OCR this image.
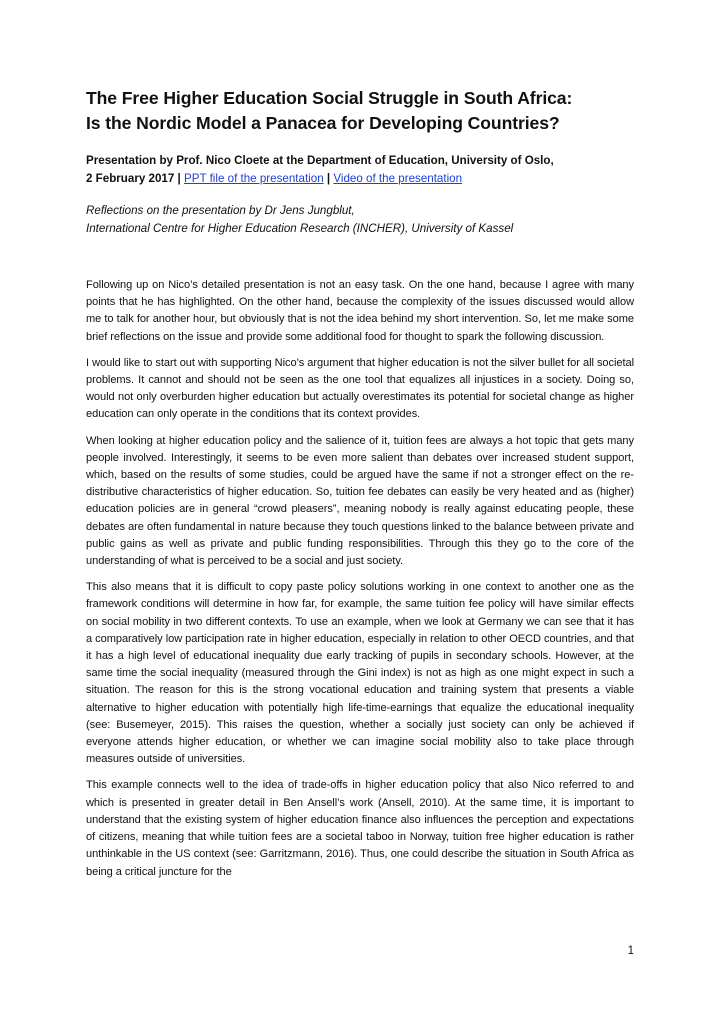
The Free Higher Education Social Struggle in South Africa:
Is the Nordic Model a Panacea for Developing Countries?
Presentation by Prof. Nico Cloete at the Department of Education, University of Oslo,
2 February 2017 | PPT file of the presentation | Video of the presentation
Reflections on the presentation by Dr Jens Jungblut,
International Centre for Higher Education Research (INCHER), University of Kassel

Following up on Nico’s detailed presentation is not an easy task. On the one hand, because I agree with many points that he has highlighted. On the other hand, because the complexity of the issues discussed would allow me to talk for another hour, but obviously that is not the idea behind my short intervention. So, let me make some brief reflections on the issue and provide some additional food for thought to spark the following discussion.

I would like to start out with supporting Nico’s argument that higher education is not the silver bullet for all societal problems. It cannot and should not be seen as the one tool that equalizes all injustices in a society. Doing so, would not only overburden higher education but actually overestimates its potential for societal change as higher education can only operate in the conditions that its context provides.

When looking at higher education policy and the salience of it, tuition fees are always a hot topic that gets many people involved. Interestingly, it seems to be even more salient than debates over increased student support, which, based on the results of some studies, could be argued have the same if not a stronger effect on the re-distributive characteristics of higher education. So, tuition fee debates can easily be very heated and as (higher) education policies are in general “crowd pleasers”, meaning nobody is really against educating people, these debates are often fundamental in nature because they touch questions linked to the balance between private and public gains as well as private and public funding responsibilities. Through this they go to the core of the understanding of what is perceived to be a social and just society.

This also means that it is difficult to copy paste policy solutions working in one context to another one as the framework conditions will determine in how far, for example, the same tuition fee policy will have similar effects on social mobility in two different contexts. To use an example, when we look at Germany we can see that it has a comparatively low participation rate in higher education, especially in relation to other OECD countries, and that it has a high level of educational inequality due early tracking of pupils in secondary schools. However, at the same time the social inequality (measured through the Gini index) is not as high as one might expect in such a situation. The reason for this is the strong vocational education and training system that presents a viable alternative to higher education with potentially high life-time-earnings that equalize the educational inequality (see: Busemeyer, 2015). This raises the question, whether a socially just society can only be achieved if everyone attends higher education, or whether we can imagine social mobility also to take place through measures outside of universities.

This example connects well to the idea of trade-offs in higher education policy that also Nico referred to and which is presented in greater detail in Ben Ansell’s work (Ansell, 2010). At the same time, it is important to understand that the existing system of higher education finance also influences the perception and expectations of citizens, meaning that while tuition fees are a societal taboo in Norway, tuition free higher education is rather unthinkable in the US context (see: Garritzmann, 2016). Thus, one could describe the situation in South Africa as being a critical juncture for the

1
